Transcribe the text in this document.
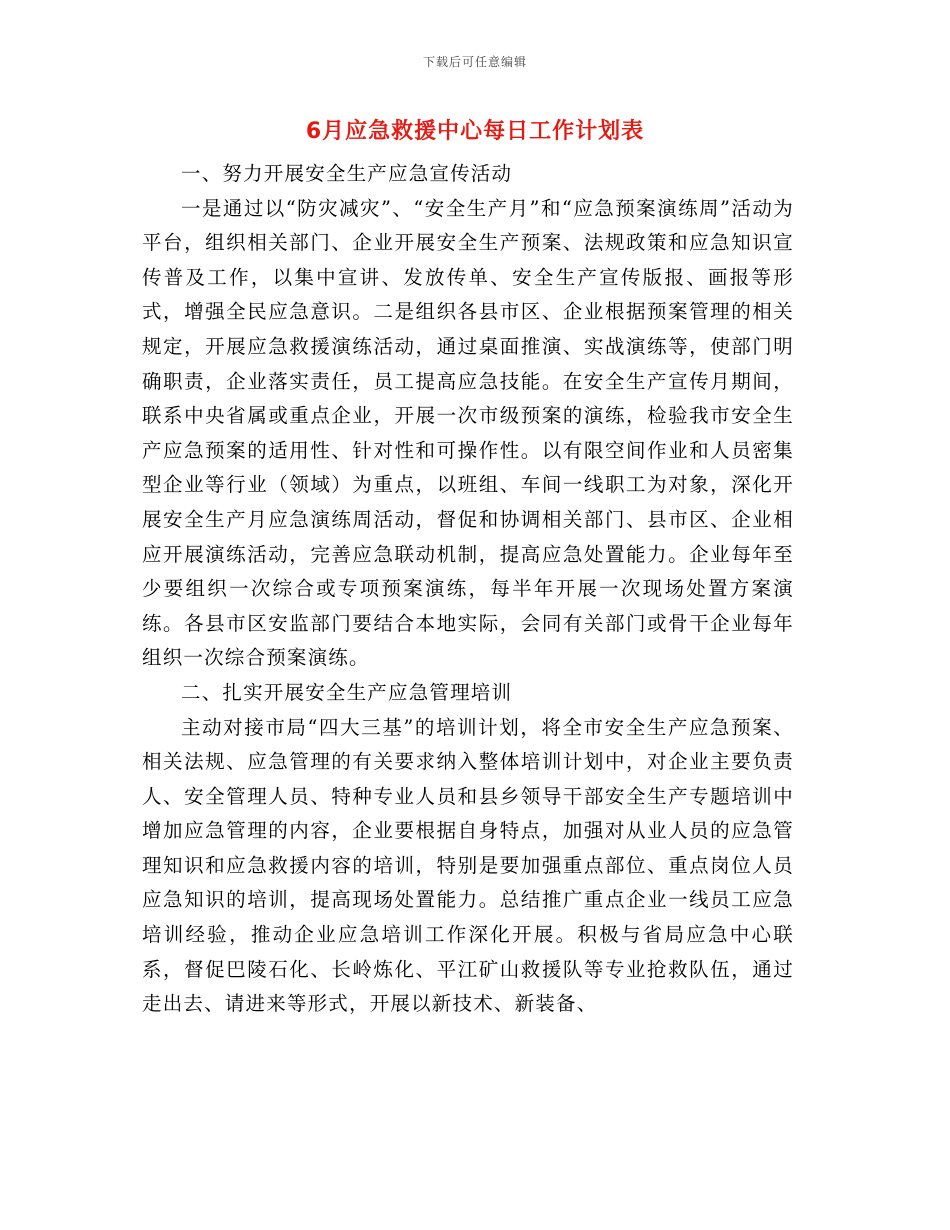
下载后可任意编辑
6月应急救援中心每日工作计划表

一、努力开展安全生产应急宣传活动

一是通过以“防灾减灾”、“安全生产月”和“应急预案演练周”活动为平台，组织相关部门、企业开展安全生产预案、法规政策和应急知识宣传普及工作，以集中宣讲、发放传单、安全生产宣传版报、画报等形式，增强全民应急意识。二是组织各县市区、企业根据预案管理的相关规定，开展应急救援演练活动，通过桌面推演、实战演练等，使部门明确职责，企业落实责任，员工提高应急技能。在安全生产宣传月期间，联系中央省属或重点企业，开展一次市级预案的演练，检验我市安全生产应急预案的适用性、针对性和可操作性。以有限空间作业和人员密集型企业等行业（领域）为重点，以班组、车间一线职工为对象，深化开展安全生产月应急演练周活动，督促和协调相关部门、县市区、企业相应开展演练活动，完善应急联动机制，提高应急处置能力。企业每年至少要组织一次综合或专项预案演练，每半年开展一次现场处置方案演练。各县市区安监部门要结合本地实际，会同有关部门或骨干企业每年组织一次综合预案演练。

二、扎实开展安全生产应急管理培训

主动对接市局“四大三基”的培训计划，将全市安全生产应急预案、相关法规、应急管理的有关要求纳入整体培训计划中，对企业主要负责人、安全管理人员、特种专业人员和县乡领导干部安全生产专题培训中增加应急管理的内容，企业要根据自身特点，加强对从业人员的应急管理知识和应急救援内容的培训，特别是要加强重点部位、重点岗位人员应急知识的培训，提高现场处置能力。总结推广重点企业一线员工应急培训经验，推动企业应急培训工作深化开展。积极与省局应急中心联系，督促巴陵石化、长岭炼化、平江矿山救援队等专业抢救队伍，通过走出去、请进来等形式，开展以新技术、新装备、
